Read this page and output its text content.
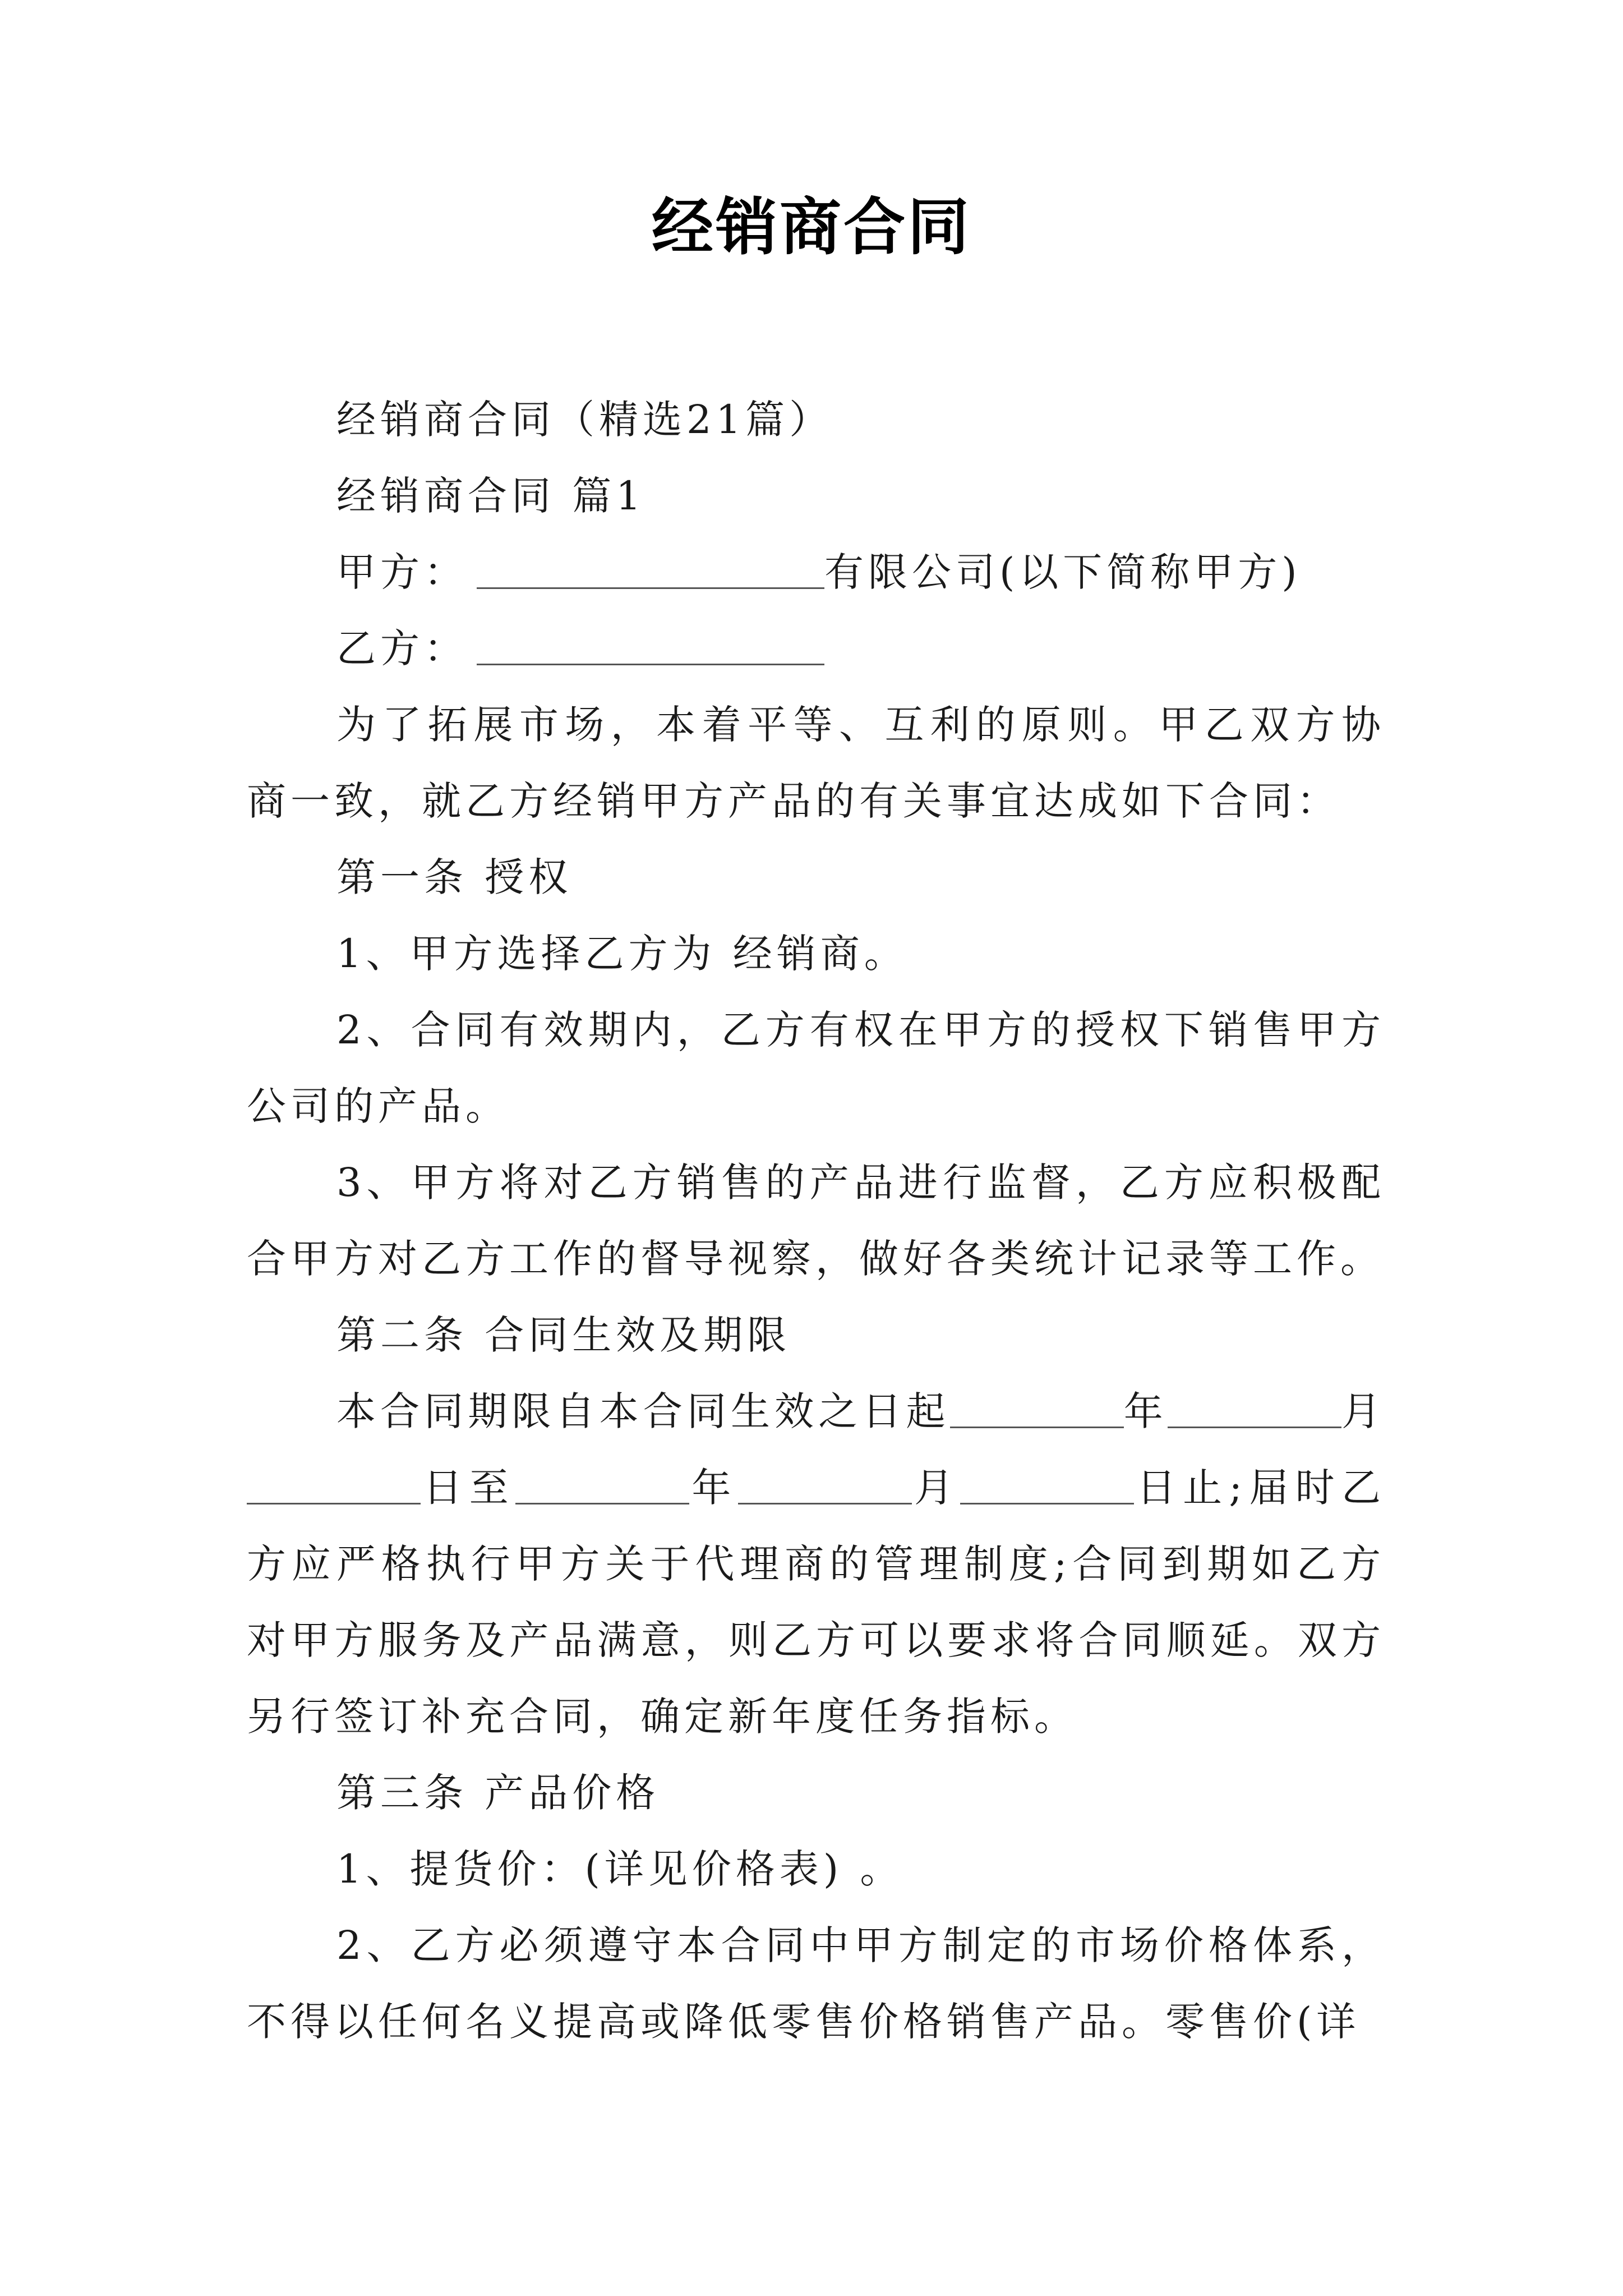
经销商合同

经销商合同（精选21篇）

经销商合同 篇1

甲方：	有限公司(以下简称甲方)

乙方：

为了拓展市场，本着平等、互利的原则。甲乙双方协商一致，就乙方经销甲方产品的有关事宜达成如下合同：

第一条 授权

1、甲方选择乙方为 经销商。

2、合同有效期内，乙方有权在甲方的授权下销售甲方公司的产品。

3、甲方将对乙方销售的产品进行监督，乙方应积极配合甲方对乙方工作的督导视察，做好各类统计记录等工作。

第二条 合同生效及期限

本合同期限自本合同生效之日起	年	月日至	年	月	日止;届时乙方应严格执行甲方关于代理商的管理制度;合同到期如乙方对甲方服务及产品满意，则乙方可以要求将合同顺延。双方另行签订补充合同，确定新年度任务指标。

第三条 产品价格

1、提货价：(详见价格表) 。

2、乙方必须遵守本合同中甲方制定的市场价格体系，不得以任何名义提高或降低零售价格销售产品。零售价(详
